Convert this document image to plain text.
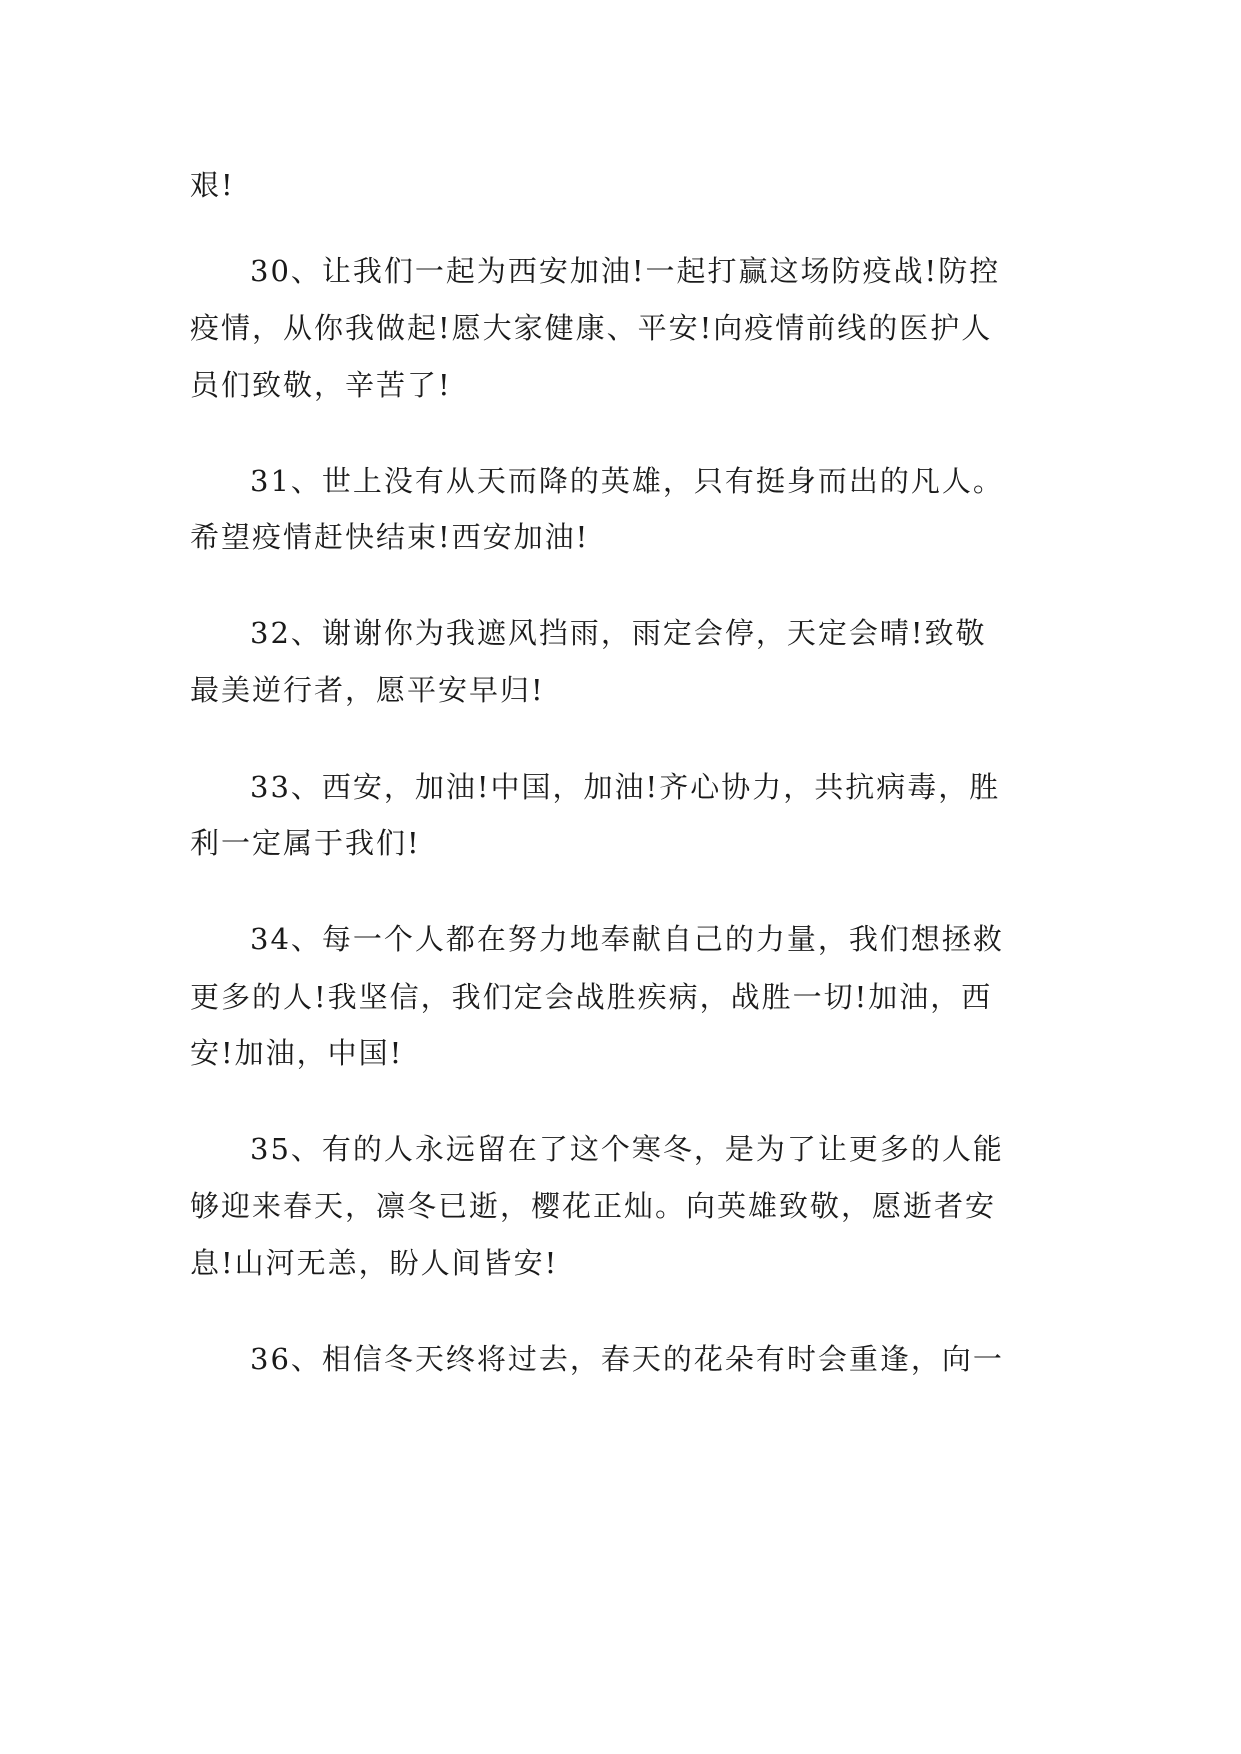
艰!
30、让我们一起为西安加油!一起打赢这场防疫战!防控
疫情，从你我做起!愿大家健康、平安!向疫情前线的医护人
员们致敬，辛苦了!
31、世上没有从天而降的英雄，只有挺身而出的凡人。
希望疫情赶快结束!西安加油!
32、谢谢你为我遮风挡雨，雨定会停，天定会晴!致敬
最美逆行者，愿平安早归!
33、西安，加油!中国，加油!齐心协力，共抗病毒，胜
利一定属于我们!
34、每一个人都在努力地奉献自己的力量，我们想拯救
更多的人!我坚信，我们定会战胜疾病，战胜一切!加油，西
安!加油，中国!
35、有的人永远留在了这个寒冬，是为了让更多的人能
够迎来春天，凛冬已逝，樱花正灿。向英雄致敬，愿逝者安
息!山河无恙，盼人间皆安!
36、相信冬天终将过去，春天的花朵有时会重逢，向一
